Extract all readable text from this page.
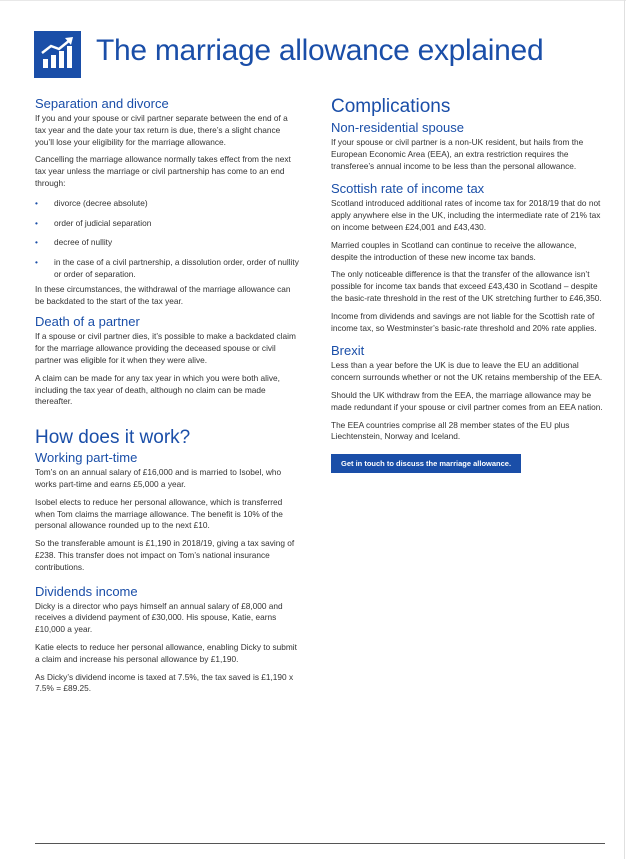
The marriage allowance explained
Separation and divorce

If you and your spouse or civil partner separate between the end of a tax year and the date your tax return is due, there’s a slight chance you’ll lose your eligibility for the marriage allowance.

Cancelling the marriage allowance normally takes effect from the next tax year unless the marriage or civil partnership has come to an end through:

• divorce (decree absolute)
• order of judicial separation
• decree of nullity
• in the case of a civil partnership, a dissolution order, order of nullity or order of separation.

In these circumstances, the withdrawal of the marriage allowance can be backdated to the start of the tax year.

Death of a partner

If a spouse or civil partner dies, it’s possible to make a backdated claim for the marriage allowance providing the deceased spouse or civil partner was eligible for it when they were alive.

A claim can be made for any tax year in which you were both alive, including the tax year of death, although no claim can be made thereafter.

How does it work?
Working part-time

Tom’s on an annual salary of £16,000 and is married to Isobel, who works part-time and earns £5,000 a year.

Isobel elects to reduce her personal allowance, which is transferred when Tom claims the marriage allowance. The benefit is 10% of the personal allowance rounded up to the next £10.

So the transferable amount is £1,190 in 2018/19, giving a tax saving of £238. This transfer does not impact on Tom’s national insurance contributions.

Dividends income

Dicky is a director who pays himself an annual salary of £8,000 and receives a dividend payment of £30,000. His spouse, Katie, earns £10,000 a year.

Katie elects to reduce her personal allowance, enabling Dicky to submit a claim and increase his personal allowance by £1,190.

As Dicky’s dividend income is taxed at 7.5%, the tax saved is £1,190 x 7.5% = £89.25.

Complications
Non-residential spouse

If your spouse or civil partner is a non-UK resident, but hails from the European Economic Area (EEA), an extra restriction requires the transferee’s annual income to be less than the personal allowance.

Scottish rate of income tax

Scotland introduced additional rates of income tax for 2018/19 that do not apply anywhere else in the UK, including the intermediate rate of 21% tax on income between £24,001 and £43,430.

Married couples in Scotland can continue to receive the allowance, despite the introduction of these new income tax bands.

The only noticeable difference is that the transfer of the allowance isn’t possible for income tax bands that exceed £43,430 in Scotland – despite the basic-rate threshold in the rest of the UK stretching further to £46,350.

Income from dividends and savings are not liable for the Scottish rate of income tax, so Westminster’s basic-rate threshold and 20% rate applies.

Brexit

Less than a year before the UK is due to leave the EU an additional concern surrounds whether or not the UK retains membership of the EEA.

Should the UK withdraw from the EEA, the marriage allowance may be made redundant if your spouse or civil partner comes from an EEA nation.

The EEA countries comprise all 28 member states of the EU plus Liechtenstein, Norway and Iceland.

Get in touch to discuss the marriage allowance.
